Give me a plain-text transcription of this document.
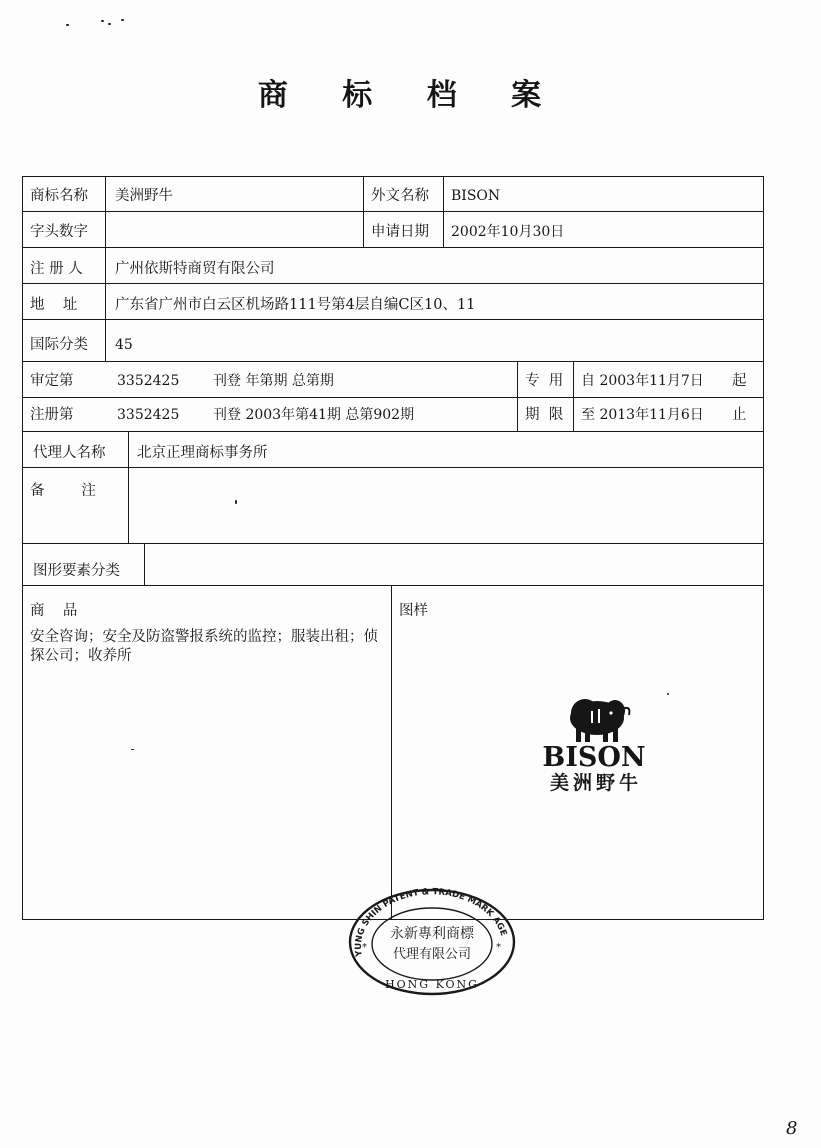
商 标 档 案
商标名称 美洲野牛	外文名称 BISON
字头数字	申请日期 2002年10月30日
注 册 人 广州依斯特商贸有限公司
地    址	广东省广州市白云区机场路111号第4层自编C区10、11
国际分类 45
审定第	3352425 刊登 年第期 总第期	专  用 自 2003年11月7日 起
注册第	3352425 刊登 2003年第41期 总第902期	期  限 至 2013年11月6日 止
代理人名称 北京正理商标事务所
备        注
图形要素分类
商    品
安全咨询；安全及防盗警报系统的监控；服装出租；侦探公司；收养所
图样
BISON
美洲野牛
YUNG SHIN PATENT & TRADE MARK AGE
永新專利商標
代理有限公司
HONG KONG
*	*
8
